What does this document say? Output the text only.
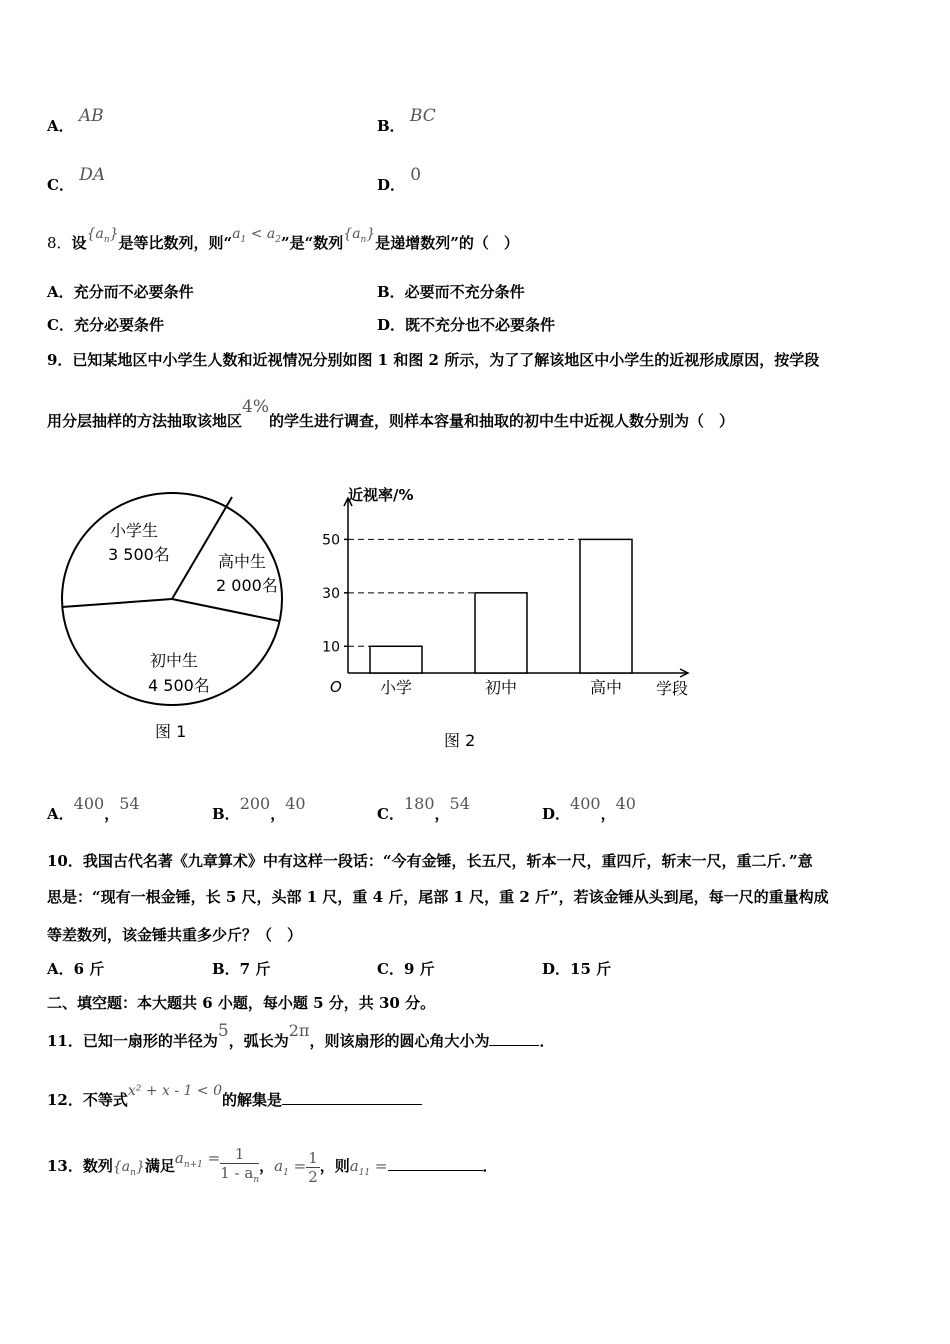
A． AB	B． BC
C． DA	D． 0
8．设$\{a_n\}$是等比数列，则“$a_1 < a_2$”是“数列$\{a_n\}$是递增数列”的（　）
A．充分而不必要条件	B．必要而不充分条件
C．充分必要条件	D．既不充分也不必要条件
9．已知某地区中小学生人数和近视情况分别如图 1 和图 2 所示，为了了解该地区中小学生的近视形成原因，按学段
用分层抽样的方法抽取该地区4%的学生进行调查，则样本容量和抽取的初中生中近视人数分别为（　）
小学生
3 500名	高中生
2 000名
初中生
4 500名
图 1
小学	初中	高中
10
30
50
近视率/%
学段
O
图 2
A．400，54
B．200，40
C．180，54
D．400，40
10．我国古代名著《九章算术》中有这样一段话：“今有金锤，长五尺，斩本一尺，重四斤，斩末一尺，重二斤．”意
思是：“现有一根金锤，长 5 尺，头部 1 尺，重 4 斤，尾部 1 尺，重 2 斤”，若该金锤从头到尾，每一尺的重量构成
等差数列，该金锤共重多少斤？（　）
A．6 斤	B．7 斤	C．9 斤	D．15 斤
二、填空题：本大题共 6 小题，每小题 5 分，共 30 分。
11．已知一扇形的半径为5，弧长为2π，则该扇形的圆心角大小为	．
12．不等式x² + x - 1 < 0的解集是
13．数列$\{a_n\}$满足$a_{n+1} = \frac{1}{1 - a_n}$ ，$a_1 = \frac{1}{2}$ ，则$a_{11}$ =	．
